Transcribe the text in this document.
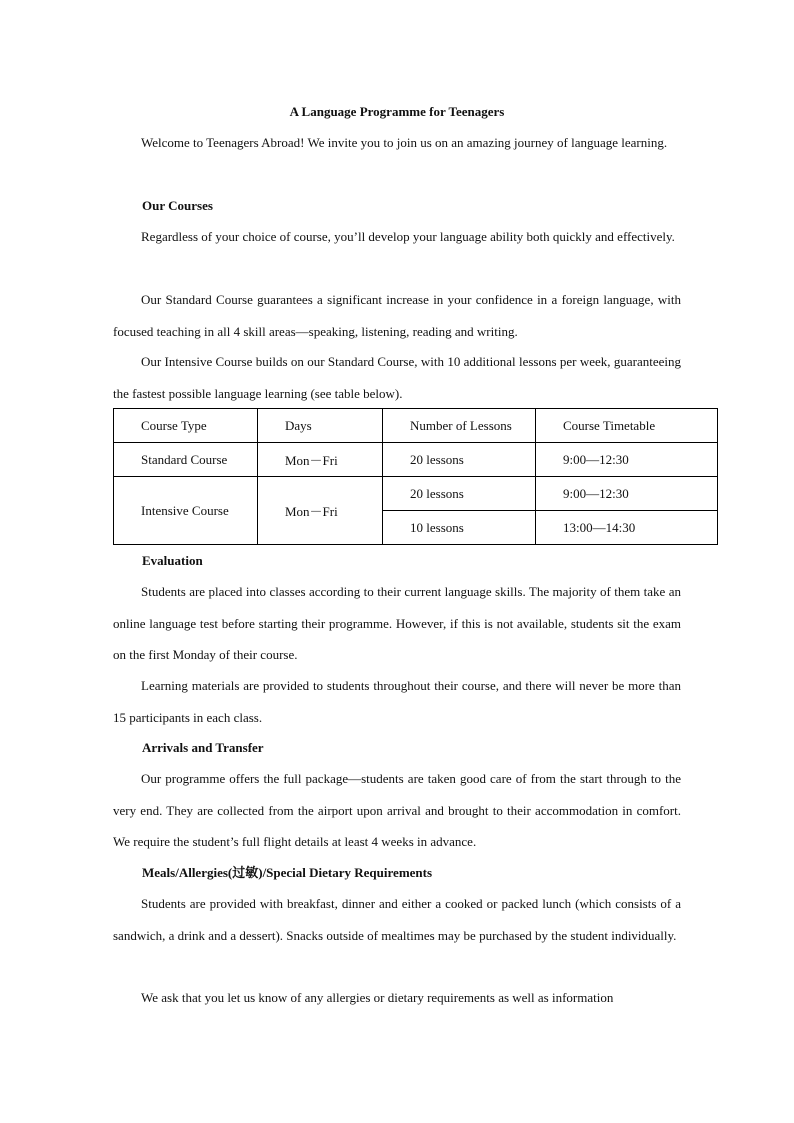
A Language Programme for Teenagers

Welcome to Teenagers Abroad! We invite you to join us on an amazing journey of language learning.

Our Courses

Regardless of your choice of course, you’ll develop your language ability both quickly and effectively.

Our Standard Course guarantees a significant increase in your confidence in a foreign language, with focused teaching in all 4 skill areas—speaking, listening, reading and writing.

Our Intensive Course builds on our Standard Course, with 10 additional lessons per week, guaranteeing the fastest possible language learning (see table below).

Course Type	Days	Number of Lessons	Course Timetable
Standard Course	Mon－Fri	20 lessons	9:00—12:30
Intensive Course	Mon－Fri	20 lessons	9:00—12:30
		10 lessons	13:00—14:30
Evaluation

Students are placed into classes according to their current language skills. The majority of them take an online language test before starting their programme. However, if this is not available, students sit the exam on the first Monday of their course.

Learning materials are provided to students throughout their course, and there will never be more than 15 participants in each class.

Arrivals and Transfer

Our programme offers the full package—students are taken good care of from the start through to the very end. They are collected from the airport upon arrival and brought to their accommodation in comfort. We require the student’s full flight details at least 4 weeks in advance.

Meals/Allergies(过敏)/Special Dietary Requirements

Students are provided with breakfast, dinner and either a cooked or packed lunch (which consists of a sandwich, a drink and a dessert). Snacks outside of mealtimes may be purchased by the student individually.

We ask that you let us know of any allergies or dietary requirements as well as information
